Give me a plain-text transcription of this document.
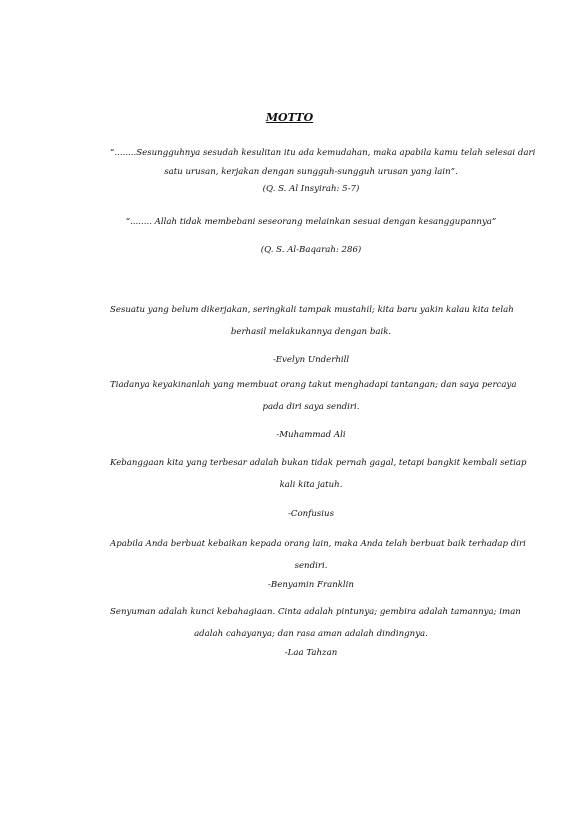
MOTTO
“........Sesungguhnya sesudah kesulitan itu ada kemudahan, maka apabila kamu telah selesai dari
satu urusan, kerjakan dengan sungguh-sungguh urusan yang lain”.
(Q. S. Al Insyirah: 5-7)
“........ Allah tidak membebani seseorang melainkan sesuai dengan kesanggupannya”
(Q. S. Al-Baqarah: 286)
Sesuatu yang belum dikerjakan, seringkali tampak mustahil; kita baru yakin kalau kita telah
berhasil melakukannya dengan baik.
-Evelyn Underhill
Tiadanya keyakinanlah yang membuat orang takut menghadapi tantangan; dan saya percaya
pada diri saya sendiri.
-Muhammad Ali
Kebanggaan kita yang terbesar adalah bukan tidak pernah gagal, tetapi bangkit kembali setiap
kali kita jatuh.
-Confusius
Apabila Anda berbuat kebaikan kepada orang lain, maka Anda telah berbuat baik terhadap diri
sendiri.
-Benyamin Franklin
Senyuman adalah kunci kebahagiaan. Cinta adalah pintunya; gembira adalah tamannya; iman
adalah cahayanya; dan rasa aman adalah dindingnya.
-Laa Tahzan
